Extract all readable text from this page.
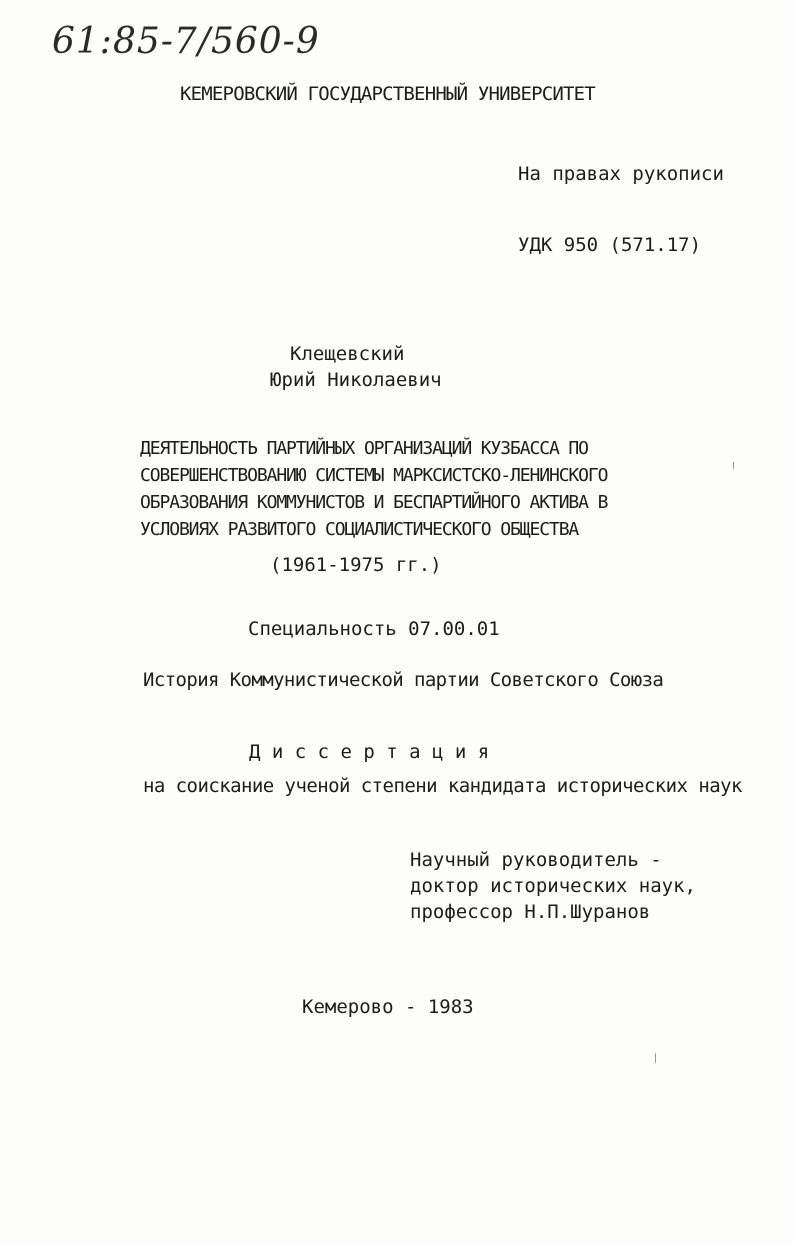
61:85-7/560-9
КЕМЕРОВСКИЙ ГОСУДАРСТВЕННЫЙ УНИВЕРСИТЕТ
На правах рукописи
УДК 950 (571.17)
Клещевский
Юрий Николаевич
ДЕЯТЕЛЬНОСТЬ ПАРТИЙНЫХ ОРГАНИЗАЦИЙ КУЗБАССА ПО
СОВЕРШЕНСТВОВАНИЮ СИСТЕМЫ МАРКСИСТСКО-ЛЕНИНСКОГО
ОБРАЗОВАНИЯ КОММУНИСТОВ И БЕСПАРТИЙНОГО АКТИВА В
УСЛОВИЯХ РАЗВИТОГО СОЦИАЛИСТИЧЕСКОГО ОБЩЕСТВА
(1961-1975 гг.)
Специальность 07.00.01
История Коммунистической партии Советского Союза
Д и с с е р т а ц и я
на соискание ученой степени кандидата исторических наук
Научный руководитель -
доктор исторических наук,
профессор Н.П.Шуранов
Кемерово - 1983
